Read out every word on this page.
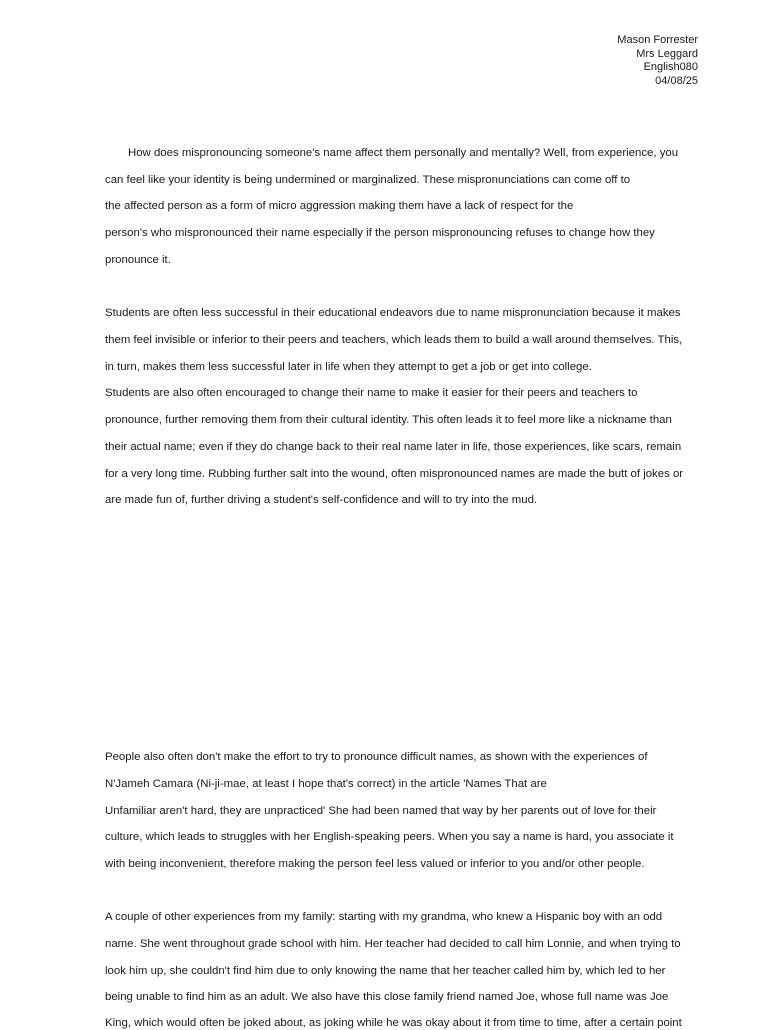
Mason Forrester
Mrs Leggard
English080
04/08/25
How does mispronouncing someone's name affect them personally and mentally? Well, from experience, you
can feel like your identity is being undermined or marginalized. These mispronunciations can come off to
the affected person as a form of micro aggression making them have a lack of respect for the
person's who mispronounced their name especially if the person mispronouncing refuses to change how they
pronounce it.
Students are often less successful in their educational endeavors due to name mispronunciation because it makes
them feel invisible or inferior to their peers and teachers, which leads them to build a wall around themselves. This,
in turn, makes them less successful later in life when they attempt to get a job or get into college.
Students are also often encouraged to change their name to make it easier for their peers and teachers to
pronounce, further removing them from their cultural identity. This often leads it to feel more like a nickname than
their actual name; even if they do change back to their real name later in life, those experiences, like scars, remain
for a very long time. Rubbing further salt into the wound, often mispronounced names are made the butt of jokes or
are made fun of, further driving a student's self-confidence and will to try into the mud.
People also often don't make the effort to try to pronounce difficult names, as shown with the experiences of
N'Jameh Camara (Ni-ji-mae, at least I hope that's correct) in the article 'Names That are
Unfamiliar aren't hard, they are unpracticed' She had been named that way by her parents out of love for their
culture, which leads to struggles with her English-speaking peers. When you say a name is hard, you associate it
with being inconvenient, therefore making the person feel less valued or inferior to you and/or other people.
A couple of other experiences from my family: starting with my grandma, who knew a Hispanic boy with an odd
name. She went throughout grade school with him. Her teacher had decided to call him Lonnie, and when trying to
look him up, she couldn't find him due to only knowing the name that her teacher called him by, which led to her
being unable to find him as an adult. We also have this close family friend named Joe, whose full name was Joe
King, which would often be joked about, as joking while he was okay about it from time to time, after a certain point
